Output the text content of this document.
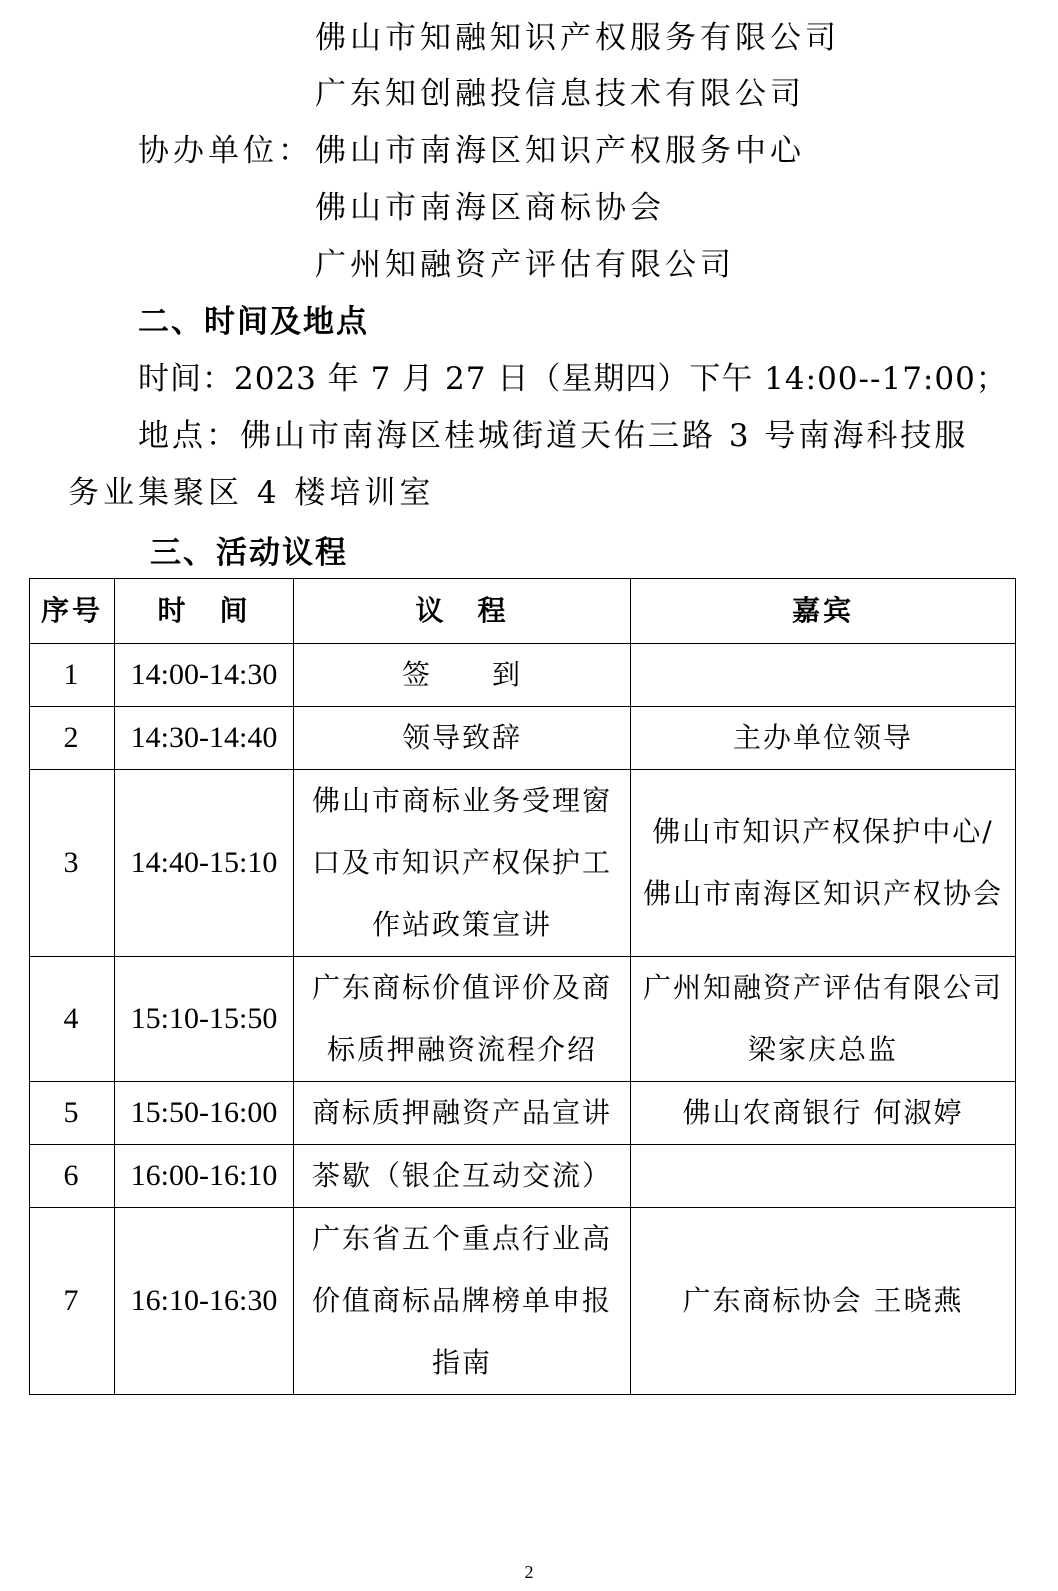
佛山市知融知识产权服务有限公司
广东知创融投信息技术有限公司
协办单位： 佛山市南海区知识产权服务中心
佛山市南海区商标协会
广州知融资产评估有限公司
二、时间及地点
时间：2023 年 7 月 27 日（星期四）下午 14:00--17:00；
地点：佛山市南海区桂城街道天佑三路 3 号南海科技服
务业集聚区 4 楼培训室
三、活动议程
序号	时　间	议　程	嘉宾
1	14:00-14:30	签　　到	
2	14:30-14:40	领导致辞	主办单位领导
3	14:40-15:10	佛山市商标业务受理窗口及市知识产权保护工作站政策宣讲	佛山市知识产权保护中心/佛山市南海区知识产权协会
4	15:10-15:50	广东商标价值评价及商标质押融资流程介绍	广州知融资产评估有限公司梁家庆总监
5	15:50-16:00	商标质押融资产品宣讲	佛山农商银行 何淑婷
6	16:00-16:10	茶歇（银企互动交流）	
7	16:10-16:30	广东省五个重点行业高价值商标品牌榜单申报指南	广东商标协会 王晓燕
2
